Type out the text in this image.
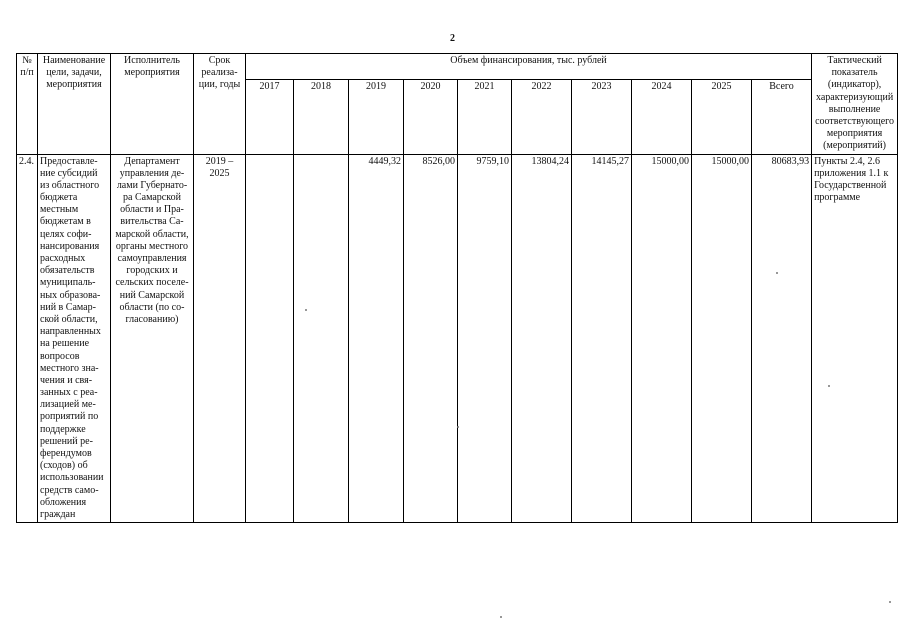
2
№ п/п	Наименование цели, задачи, мероприятия	Исполнитель мероприятия	Срок реализа-ции, годы	Объем финансирования, тыс. рублей										Тактический показатель (индикатор), характеризующий выполнение соответствующего мероприятия (мероприятий)
				2017	2018	2019	2020	2021	2022	2023	2024	2025	Всего	
2.4.	Предоставле-ние субсидий из областного бюджета местным бюджетам в целях софи-нансирования расходных обязательств муниципаль-ных образова-ний в Самар-ской области, направленных на решение вопросов местного зна-чения и свя-занных с реа-лизацией ме-роприятий по поддержке решений ре-ферендумов (сходов) об использовании средств само-обложения граждан	Департамент управления де-лами Губернато-ра Самарской области и Пра-вительства Са-марской области, органы местного самоуправления городских и сельских поселе-ний Самарской области (по со-гласованию)	2019 – 2025			4449,32	8526,00	9759,10	13804,24	14145,27	15000,00	15000,00	80683,93	Пункты 2.4, 2.6 приложения 1.1 к Государственной программе
